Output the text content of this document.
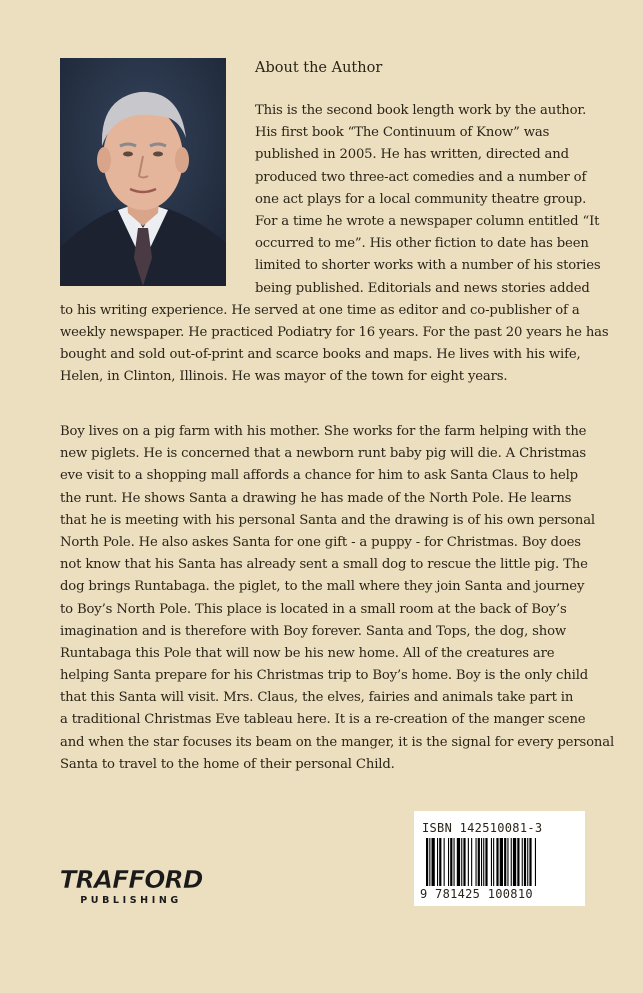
About the Author
This is the second book length work by the author.
His first book “The Continuum of Know” was
published in 2005. He has written, directed and
produced two three-act comedies and a number of
one act plays for a local community theatre group.
For a time he wrote a newspaper column entitled “It
occurred to me”. His other fiction to date has been
limited to shorter works with a number of his stories
being published. Editorials and news stories added
to his writing experience. He served at one time as editor and co-publisher of a
weekly newspaper. He practiced Podiatry for 16 years. For the past 20 years he has
bought and sold out-of-print and scarce books and maps. He lives with his wife,
Helen, in Clinton, Illinois. He was mayor of the town for eight years.
Boy lives on a pig farm with his mother. She works for the farm helping with the
new piglets. He is concerned that a newborn runt baby pig will die. A Christmas
eve visit to a shopping mall affords a chance for him to ask Santa Claus to help
the runt. He shows Santa a drawing he has made of the North Pole. He learns
that he is meeting with his personal Santa and the drawing is of his own personal
North Pole. He also askes Santa for one gift - a puppy - for Christmas. Boy does
not know that his Santa has already sent a small dog to rescue the little pig. The
dog brings Runtabaga. the piglet, to the mall where they join Santa and journey
to Boy’s North Pole. This place is located in a small room at the back of Boy’s
imagination and is therefore with Boy forever. Santa and Tops, the dog, show
Runtabaga this Pole that will now be his new home. All of the creatures are
helping Santa prepare for his Christmas trip to Boy’s home. Boy is the only child
that this Santa will visit. Mrs. Claus, the elves, fairies and animals take part in
a traditional Christmas Eve tableau here. It is a re-creation of the manger scene
and when the star focuses its beam on the manger, it is the signal for every personal
Santa to travel to the home of their personal Child.
ISBN 142510081-3
9 781425 100810
TRAFFORD
PUBLISHING
